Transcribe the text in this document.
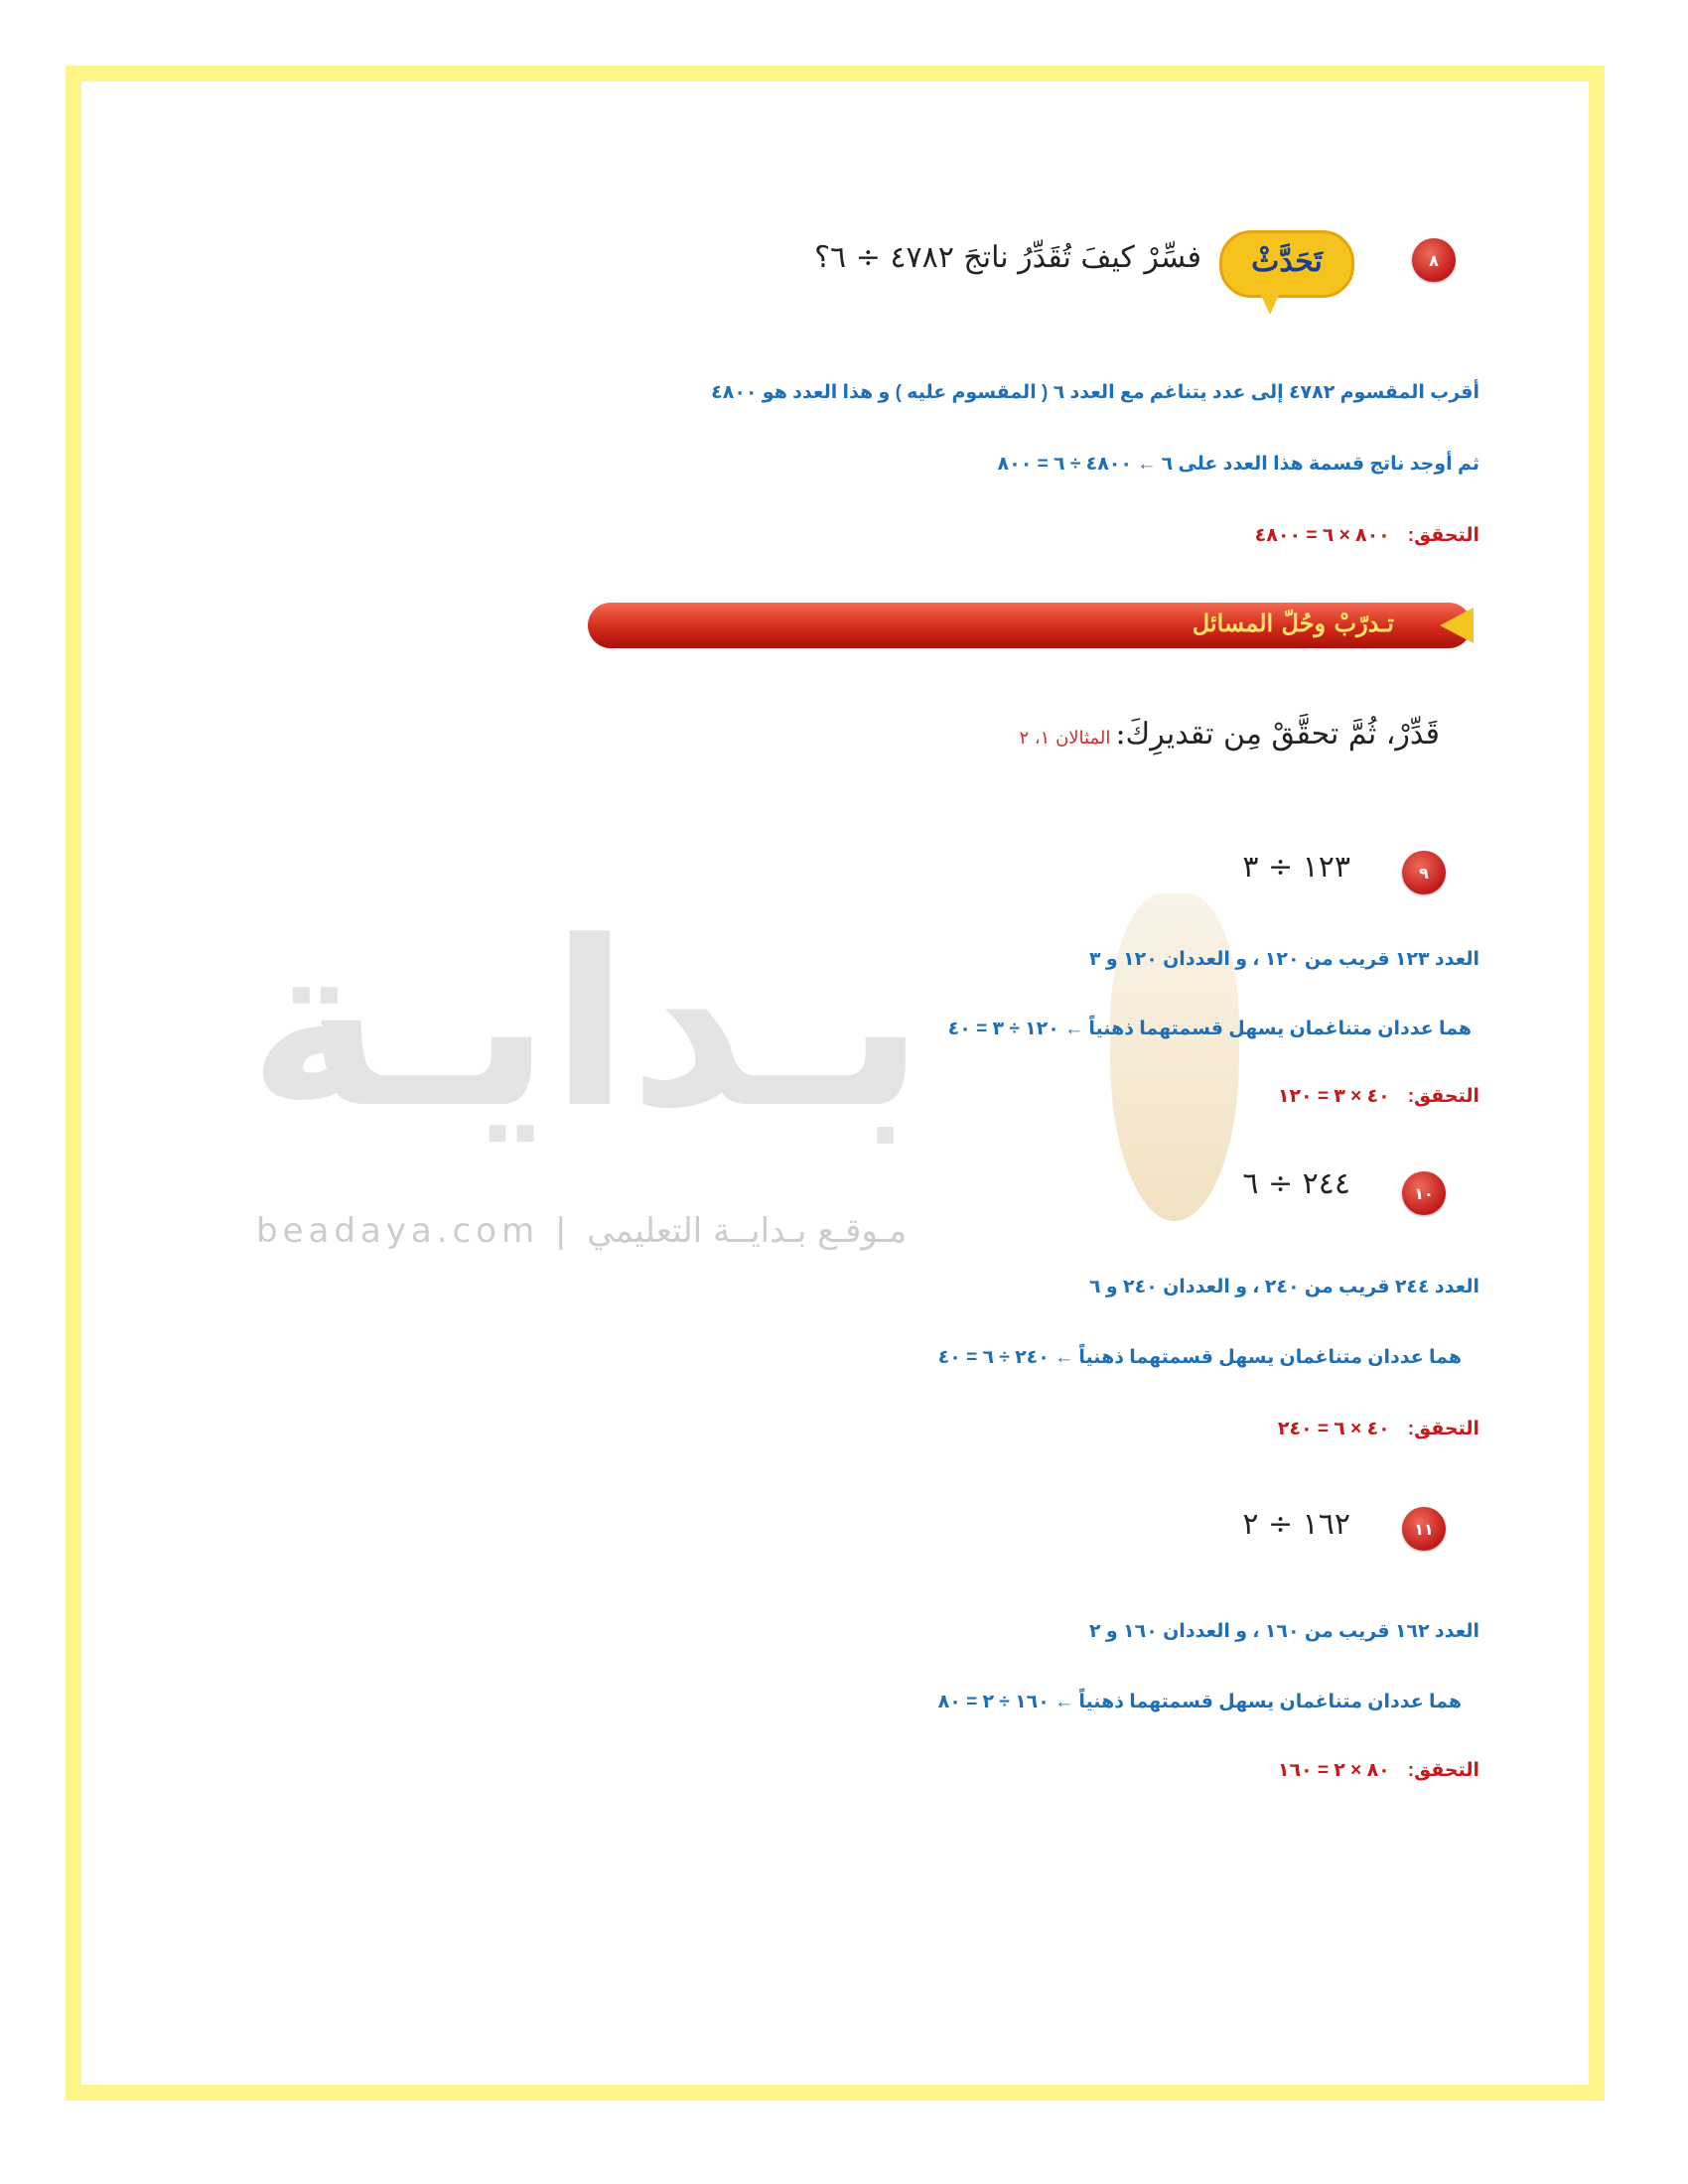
بـدايـة
beadaya.com | مـوقـع بـدايــة التعليمي
٨
تَحَدَّثْ
فسِّرْ كيفَ تُقَدِّرُ ناتجَ ٤٧٨٢ ÷ ٦؟
أقرب المقسوم ٤٧٨٢ إلى عدد يتناغم مع العدد ٦ ( المقسوم عليه ) و هذا العدد هو ٤٨٠٠
ثم أوجد ناتج قسمة هذا العدد على ٦ ← ٤٨٠٠ ÷ ٦ = ٨٠٠
التحقق:٨٠٠ × ٦ = ٤٨٠٠
تـدرّبْ وحُلّ المسائل
قَدِّرْ، ثُمَّ تحقَّقْ مِن تقديرِكَ: المثالان ١، ٢
٩
١٢٣ ÷ ٣
العدد ١٢٣ قريب من ١٢٠ ، و العددان ١٢٠ و ٣
هما عددان متناغمان يسهل قسمتهما ذهنياً ← ١٢٠ ÷ ٣ = ٤٠
التحقق:٤٠ × ٣ = ١٢٠
١٠
٢٤٤ ÷ ٦
العدد ٢٤٤ قريب من ٢٤٠ ، و العددان ٢٤٠ و ٦
هما عددان متناغمان يسهل قسمتهما ذهنياً ← ٢٤٠ ÷ ٦ = ٤٠
التحقق:٤٠ × ٦ = ٢٤٠
١١
١٦٢ ÷ ٢
العدد ١٦٢ قريب من ١٦٠ ، و العددان ١٦٠ و ٢
هما عددان متناغمان يسهل قسمتهما ذهنياً ← ١٦٠ ÷ ٢ = ٨٠
التحقق:٨٠ × ٢ = ١٦٠
